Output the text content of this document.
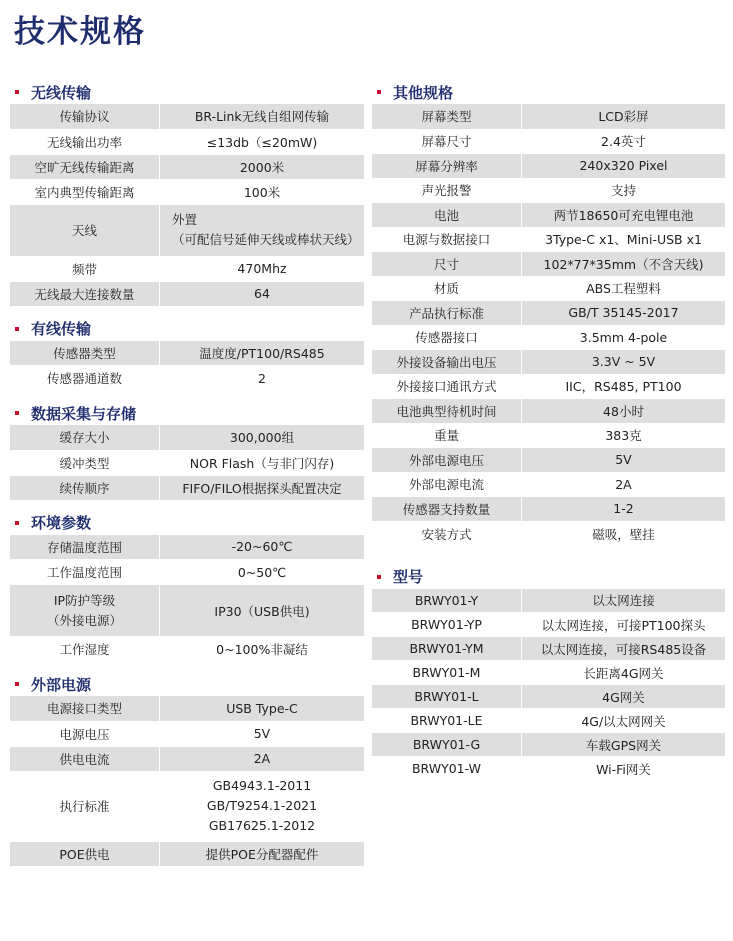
技术规格
无线传输
传输协议	BR-Link无线自组网传输
无线输出功率	≤13db（≤20mW)
空旷无线传输距离	2000米
室内典型传输距离	100米
天线	外置
（可配信号延伸天线或棒状天线）

频带	470Mhz
无线最大连接数量	64
有线传输
传感器类型	温度度/PT100/RS485
传感器通道数	2
数据采集与存储
缓存大小	300,000组
缓冲类型	NOR Flash（与非门闪存)
续传顺序	FIFO/FILO根据探头配置决定
环境参数
存储温度范围	-20~60℃
工作温度范围	0~50℃

IP防护等级
（外接电源）	IP30（USB供电)
工作湿度	0~100%非凝结
外部电源
电源接口类型	USB Type-C
电源电压	5V
供电电流	2A
执行标准	GB4943.1-2011
GB/T9254.1-2021
GB17625.1-2012

POE供电	提供POE分配器配件
其他规格
屏幕类型	LCD彩屏
屏幕尺寸	2.4英寸
屏幕分辨率	240x320 Pixel
声光报警	支持
电池	两节18650可充电锂电池
电源与数据接口	3Type-C x1、Mini-USB x1
尺寸	102*77*35mm（不含天线)
材质	ABS工程塑料
产品执行标准	GB/T 35145-2017
传感器接口	3.5mm 4-pole
外接设备输出电压	3.3V ~ 5V
外接接口通讯方式	IIC，RS485, PT100
电池典型待机时间	48小时
重量	383克
外部电源电压	5V
外部电源电流	2A
传感器支持数量	1-2
安装方式	磁吸，壁挂
型号
BRWY01-Y	以太网连接
BRWY01-YP	以太网连接，可接PT100探头
BRWY01-YM	以太网连接，可接RS485设备
BRWY01-M	长距离4G网关
BRWY01-L	4G网关
BRWY01-LE	4G/以太网网关
BRWY01-G	车载GPS网关
BRWY01-W	Wi-Fi网关
